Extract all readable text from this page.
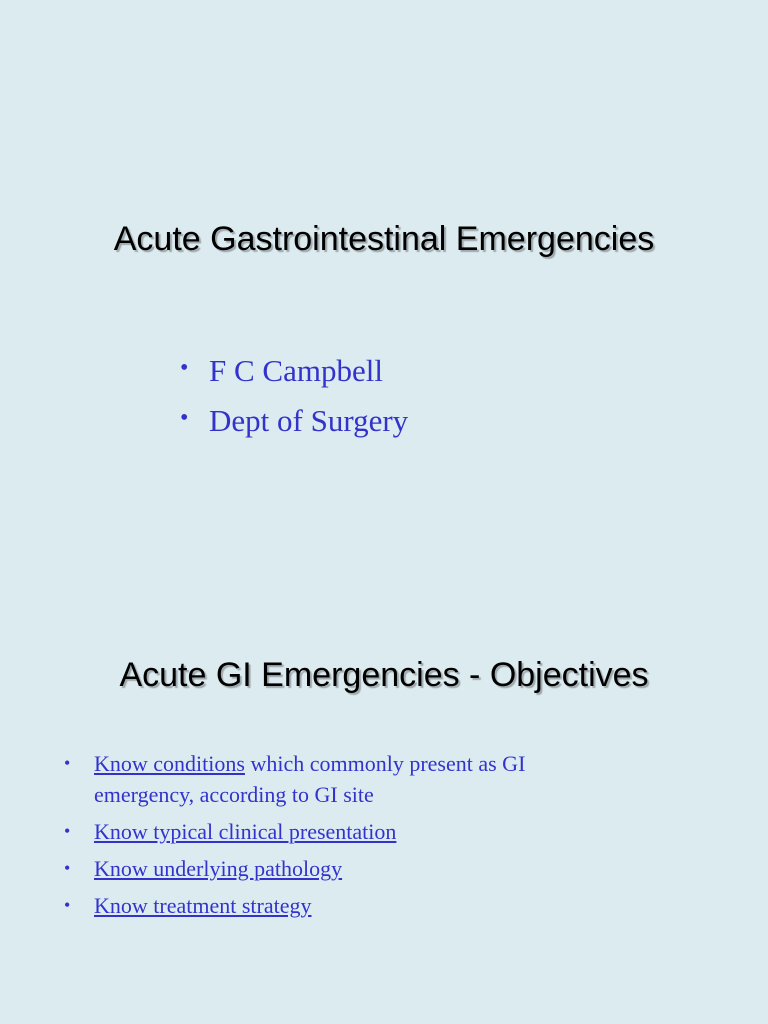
Acute Gastrointestinal Emergencies
• F C Campbell
• Dept of Surgery
Acute GI Emergencies - Objectives
• Know conditions which commonly present as GI emergency, according to GI site
• Know typical clinical presentation
• Know underlying pathology
• Know treatment strategy
